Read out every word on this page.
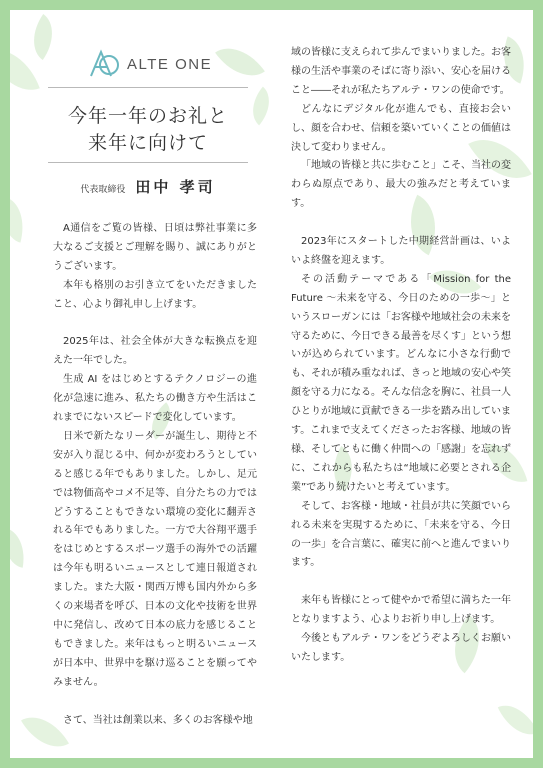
ALTE ONE
今年一年のお礼と
来年に向けて
代表取締役 田中 孝司

A通信をご覧の皆様、日頃は弊社事業に多大なるご支援とご理解を賜り、誠にありがとうございます。

本年も格別のお引き立てをいただきましたこと、心より御礼申し上げます。

2025年は、社会全体が大きな転換点を迎えた一年でした。

生成 AI をはじめとするテクノロジーの進化が急速に進み、私たちの働き方や生活はこれまでにないスピードで変化しています。

日米で新たなリーダーが誕生し、期待と不安が入り混じる中、何かが変わろうとしていると感じる年でもありました。しかし、足元では物価高やコメ不足等、自分たちの力ではどうすることもできない環境の変化に翻弄される年でもありました。一方で大谷翔平選手をはじめとするスポーツ選手の海外での活躍は今年も明るいニュースとして連日報道されました。また大阪・関西万博も国内外から多くの来場者を呼び、日本の文化や技術を世界中に発信し、改めて日本の底力を感じることもできました。来年はもっと明るいニュースが日本中、世界中を駆け巡ることを願ってやみません。

さて、当社は創業以来、多くのお客様や地

域の皆様に支えられて歩んでまいりました。お客様の生活や事業のそばに寄り添い、安心を届けること――それが私たちアルテ・ワンの使命です。

どんなにデジタル化が進んでも、直接お会いし、顔を合わせ、信頼を築いていくことの価値は決して変わりません。

「地域の皆様と共に歩むこと」こそ、当社の変わらぬ原点であり、最大の強みだと考えています。

2023年にスタートした中期経営計画は、いよいよ終盤を迎えます。

その活動テーマである「Mission for the Future ～未来を守る、今日のための一歩～」というスローガンには「お客様や地域社会の未来を守るために、今日できる最善を尽くす」という想いが込められています。どんなに小さな行動でも、それが積み重なれば、きっと地域の安心や笑顔を守る力になる。そんな信念を胸に、社員一人ひとりが地域に貢献できる一歩を踏み出しています。これまで支えてくださったお客様、地域の皆様、そしてともに働く仲間への「感謝」を忘れずに、これからも私たちは“地域に必要とされる企業”であり続けたいと考えています。

そして、お客様・地域・社員が共に笑顔でいられる未来を実現するために、「未来を守る、今日の一歩」を合言葉に、確実に前へと進んでまいります。

来年も皆様にとって健やかで希望に満ちた一年となりますよう、心よりお祈り申し上げます。

今後ともアルテ・ワンをどうぞよろしくお願いいたします。
